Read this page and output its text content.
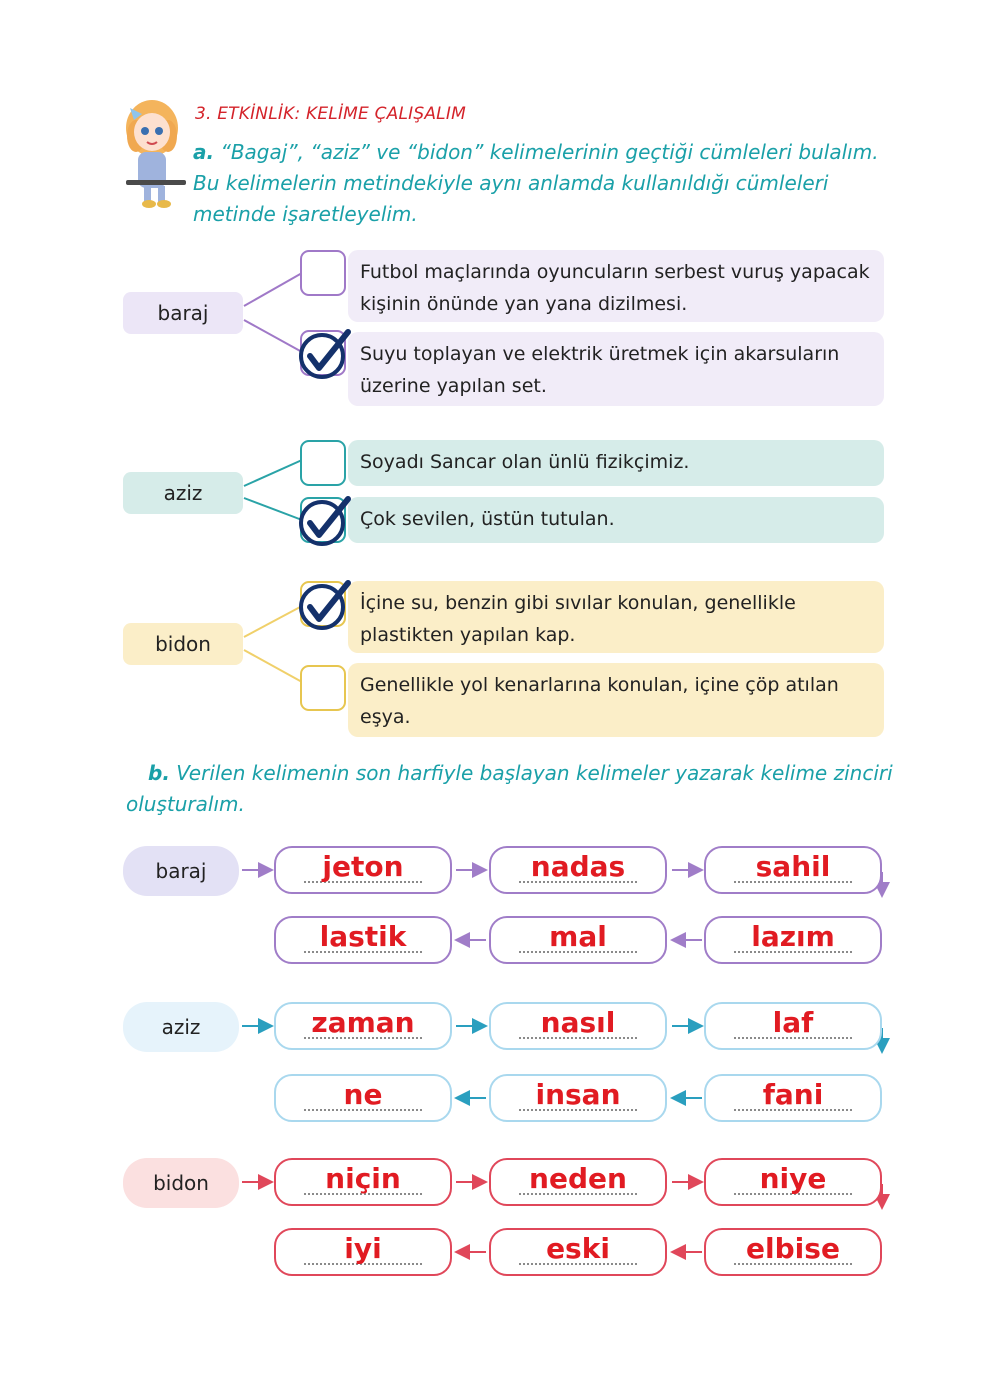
3. ETKİNLİK: KELİME ÇALIŞALIM
a. “Bagaj”, “aziz” ve “bidon” kelimelerinin geçtiği cümleleri bulalım. Bu kelimelerin metindekiyle aynı anlamda kullanıldığı cümleleri metinde işaretleyelim.
baraj
Futbol maçlarında oyuncuların serbest vuruş yapacak kişinin önünde yan yana dizilmesi.
Suyu toplayan ve elektrik üretmek için akarsuların üzerine yapılan set.
aziz
Soyadı Sancar olan ünlü fizikçimiz.
Çok sevilen, üstün tutulan.
bidon
İçine su, benzin gibi sıvılar konulan, genellikle plastikten yapılan kap.
Genellikle yol kenarlarına konulan, içine çöp atılan eşya.
b. Verilen kelimenin son harfiyle başlayan kelimeler yazarak kelime zinciri oluşturalım.
baraj	jeton	nadas	sahil
lastik	mal	lazım
aziz	zaman	nasıl	laf
ne	insan	fani
bidon	niçin	neden	niye
iyi	eski	elbise
